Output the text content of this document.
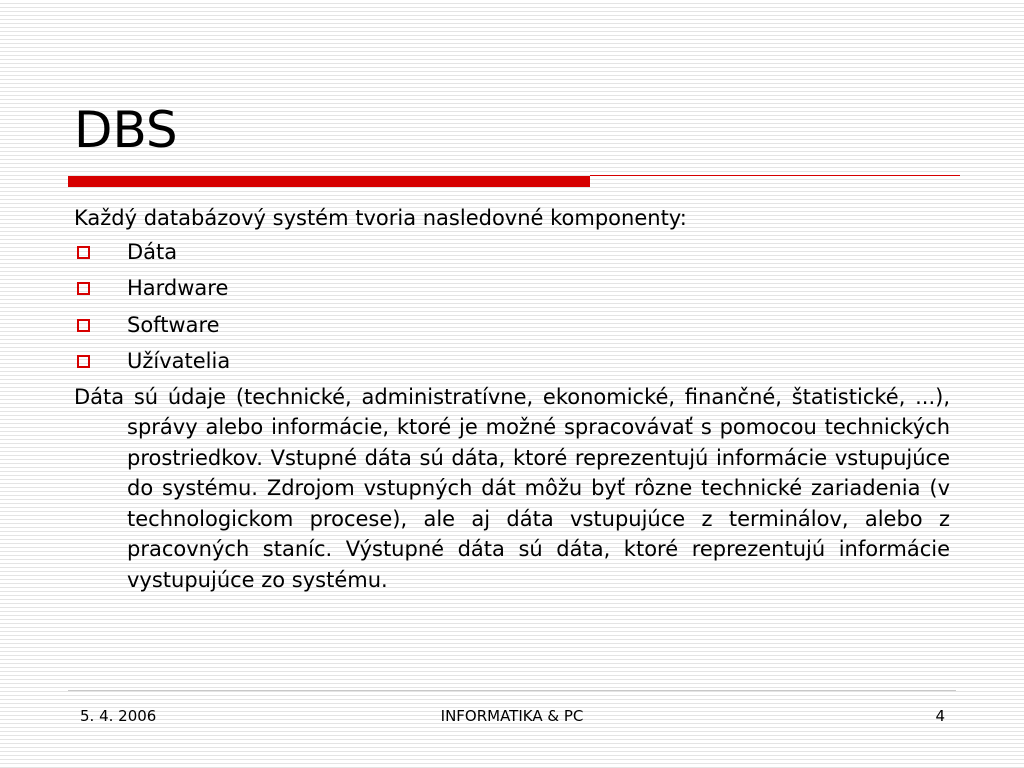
DBS

Každý databázový systém tvoria nasledovné komponenty:

Dáta
Hardware
Software
Užívatelia

Dáta sú údaje (technické, administratívne, ekonomické, finančné, štatistické, ...), správy alebo informácie, ktoré je možné spracovávať s pomocou technických prostriedkov. Vstupné dáta sú dáta, ktoré reprezentujú informácie vstupujúce do systému. Zdrojom vstupných dát môžu byť rôzne technické zariadenia (v technologickom procese), ale aj dáta vstupujúce z terminálov, alebo z pracovných staníc. Výstupné dáta sú dáta, ktoré reprezentujú informácie vystupujúce zo systému.

5. 4. 2006	INFORMATIKA & PC	4
